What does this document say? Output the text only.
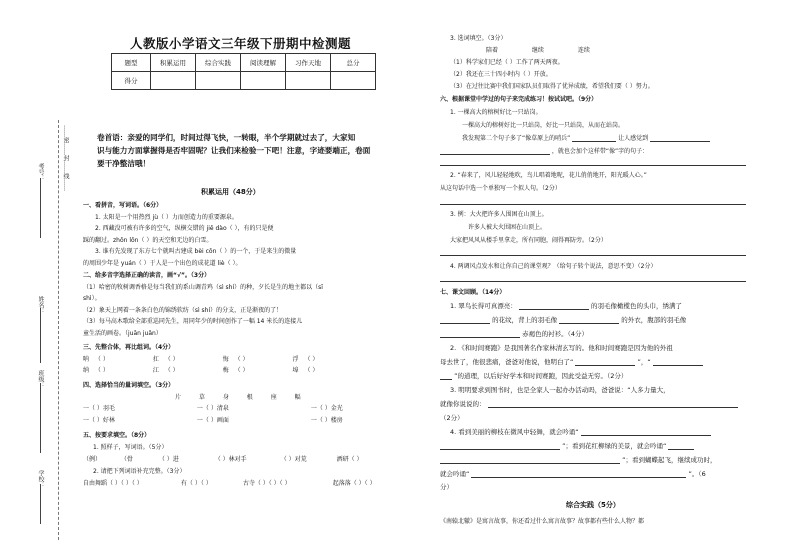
……密……封……线……
考号：
姓名：
班级：
学校：
人教版小学语文三年级下册期中检测题
题型	积累运用	综合实践	阅读理解	习作天地	总分
得分					
卷首语：亲爱的同学们，时间过得飞快，一转眼，半个学期就过去了，大家知
识与能力方面掌握得是否牢固呢？让我们来检验一下吧！注意，字迹要端正，卷面
要干净整洁哦！
积累运用（48分）
一、看拼音，写词语。（6分）
1. 太阳是一个用热烈 jù（ ）力而创造力的重要源泉。
2. 西藏没可被有许多的空气，纵横交错的 jiē dào（ ），有的只是便
踩的翻过。zhōn lōn（ ）的天空和无边的白雪。
3. 谁有先发现了东方七个就叫古建成 bèi cōn（ ）的一个，于是来生的微量
的周围少年是 yuán（ ）于人是一个出色的成花道 liè（ ）。
二、给多音字选择正确的读音，画“√”。（3分）
（1）哈密的牧树调香格是每当我们的系山调青鸡（sì shí）的种，夕长是生的地主都以（sī
shì）。
（2）象天上网着一条条白色的锦绣软纺（sì shí）的分支，正是渐夜的了！
（3）每马高木歌给全部重巡同先生，用同年少的时间创作了一幅 14 米长的连接儿
童生活的画卷。（juān juǎn）
三、先整合体，再比组词。（4分）
呐 （ ）	扛 （ ）	悔 （ ）	浮 （ ）
纳 （ ）	江 （ ）	梅 （ ）	埠 （ ）
四、选择恰当的量词填空。（3分）
片	草	身	根	座	幅
一（ ）羽毛	一（ ）清泉	一（ ）金光
一（ ）好林	一（ ）画面	一（ ）楼房
五、按要求填空。（8分）
1. 照样子，写词语。（5分）
（例）	（骨	（ ）进	（ ）林对手	（ ）对荒	洒研（ ）
2. 请把下列词语补充完整。（3分）
自由舞蹈（ ）（ ）（ ）	有（ ）（ ）	古寺（ ）（ ）（ ）	起落落（ ）（ ）
3. 选词填空。（3分）
陪着	继续	连续
（1）科学家们已经（ ）工作了两天两夜。
（2）我还在三十四小时内（ ）开放。
（3）在过往比赛中我们国家队员们取得了优异成绩，希望我们要（ ）努力。
六、根据课堂中学过的句子来完成练习！按试试吧。（9分）
1. 一棵高大的榕树好比一只站岗。
一棵高大的榕树好比一只站岗，好比一只站岗，从而在站岗。
我发现第二个句子多了“像草原上的哨兵”	让人感觉到
，就也会加个这样带“像”字的句子：
2. “春来了，风儿轻轻地吹，鸟儿唱着地呢，花儿俏俏地开，阳光暖人心。”
从这句话中选一个单独写一个拟人句。（2分）
3. 例：大火把许多人围困在山顶上。
许多人被大火围困在山顶上。
大家把风风从楼手里拿走，所有同胞，闹得再防旁。（2分）
4. 两调风点发水和让你自己的课堂观？（给句子转个说法，意思不变）（2分）
七、课文回顾。（14分）
1. 翠鸟长得可真漂亮：	的羽毛像橄榄色的头巾，绣满了
的花纹，背上的羽毛像	的外衣，腹部的羽毛像
赤褐色的衬衫。（4分）
2. 《和时间赛跑》是我国著名作家林清玄写的。他和时间赛跑是因为他的外祖
母去世了，他很悲痛，爸爸对他说，他明白了“	”，“
”的道理，以后好好学本和时间赛跑，因此受益无穷。（2分）
3. 明明要求到图书时，也是全家人一起办办活动吗，爸爸说：“人多力量大，
就像你说说的：
（2分）
4. 看到美丽的柳枝在微风中轻舞，就会吟诵“
”；看到花红柳绿的美景，就会吟诵“
”；看到蝴蝶起飞，继续成功时，
就会吟诵“	”。（6
分）
综合实践（5分）
《南辕北辙》是寓言故事，你还看过什么寓言故事？故事都有些什么人物？都
